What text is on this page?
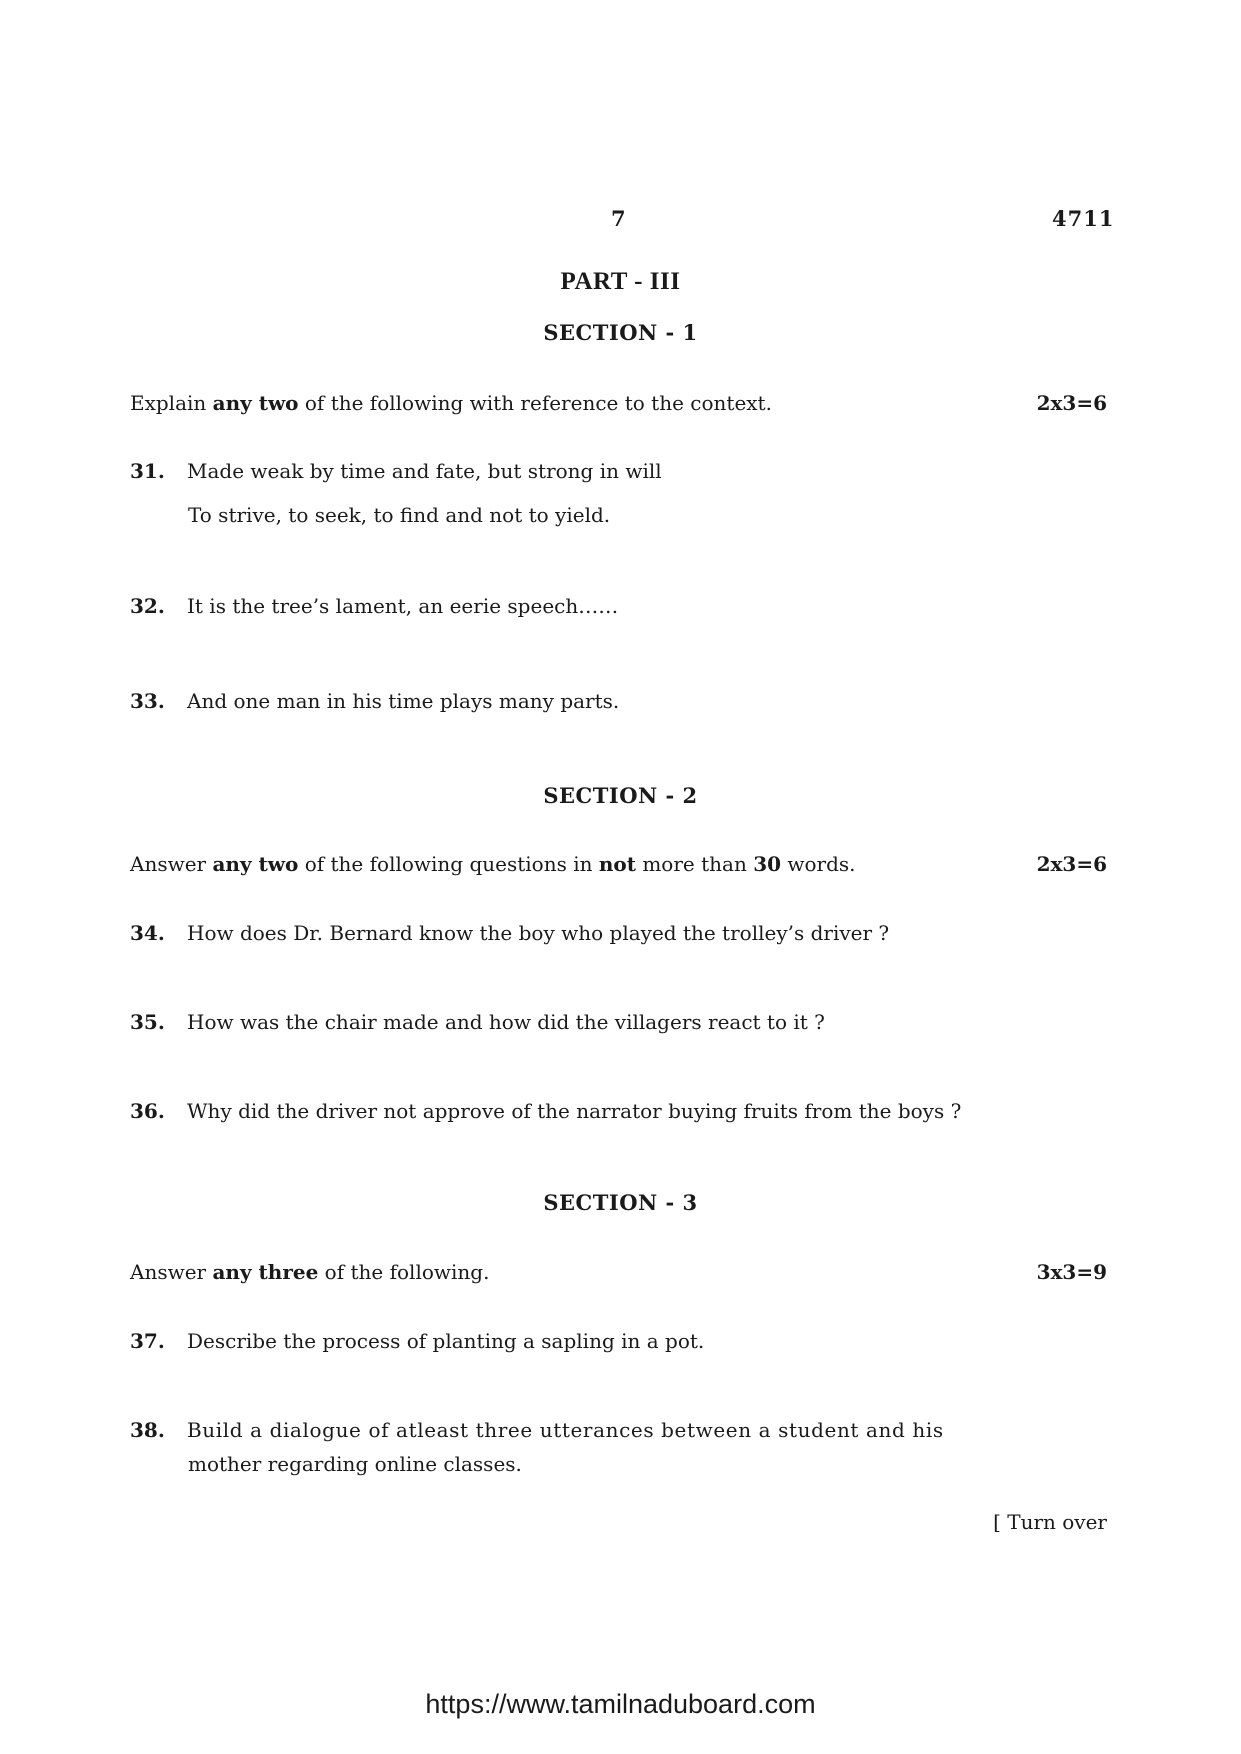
7	4711
PART - III
SECTION - 1
Explain any two of the following with reference to the context.	2x3=6
31. Made weak by time and fate, but strong in will
To strive, to seek, to find and not to yield.
32. It is the tree’s lament, an eerie speech……
33. And one man in his time plays many parts.
SECTION - 2
Answer any two of the following questions in not more than 30 words.	2x3=6
34. How does Dr. Bernard know the boy who played the trolley’s driver ?
35. How was the chair made and how did the villagers react to it ?
36. Why did the driver not approve of the narrator buying fruits from the boys ?
SECTION - 3
Answer any three of the following.	3x3=9
37. Describe the process of planting a sapling in a pot.
38. Build a dialogue of atleast three utterances between a student and his
mother regarding online classes.
[ Turn over
https://www.tamilnaduboard.com
